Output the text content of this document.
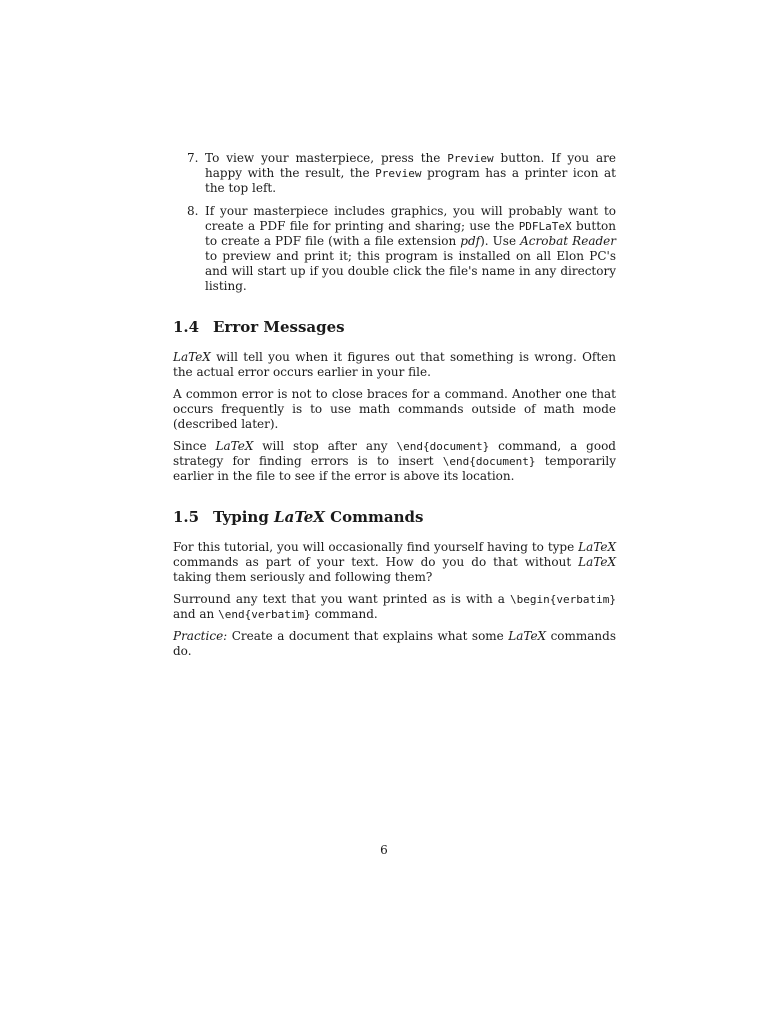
7. To view your masterpiece, press the Preview button. If you are happy with the result, the Preview program has a printer icon at the top left.
8. If your masterpiece includes graphics, you will probably want to create a PDF file for printing and sharing; use the PDFLaTeX button to create a PDF file (with a file extension pdf). Use Acrobat Reader to preview and print it; this program is installed on all Elon PC's and will start up if you double click the file's name in any directory listing.
1.4 Error Messages

LaTeX will tell you when it figures out that something is wrong. Often the actual error occurs earlier in your file.

A common error is not to close braces for a command. Another one that occurs frequently is to use math commands outside of math mode (described later).

Since LaTeX will stop after any \end{document} command, a good strategy for finding errors is to insert \end{document} temporarily earlier in the file to see if the error is above its location.

1.5 Typing LaTeX Commands

For this tutorial, you will occasionally find yourself having to type LaTeX commands as part of your text. How do you do that without LaTeX taking them seriously and following them?

Surround any text that you want printed as is with a \begin{verbatim} and an \end{verbatim} command.

Practice: Create a document that explains what some LaTeX commands do.

6
